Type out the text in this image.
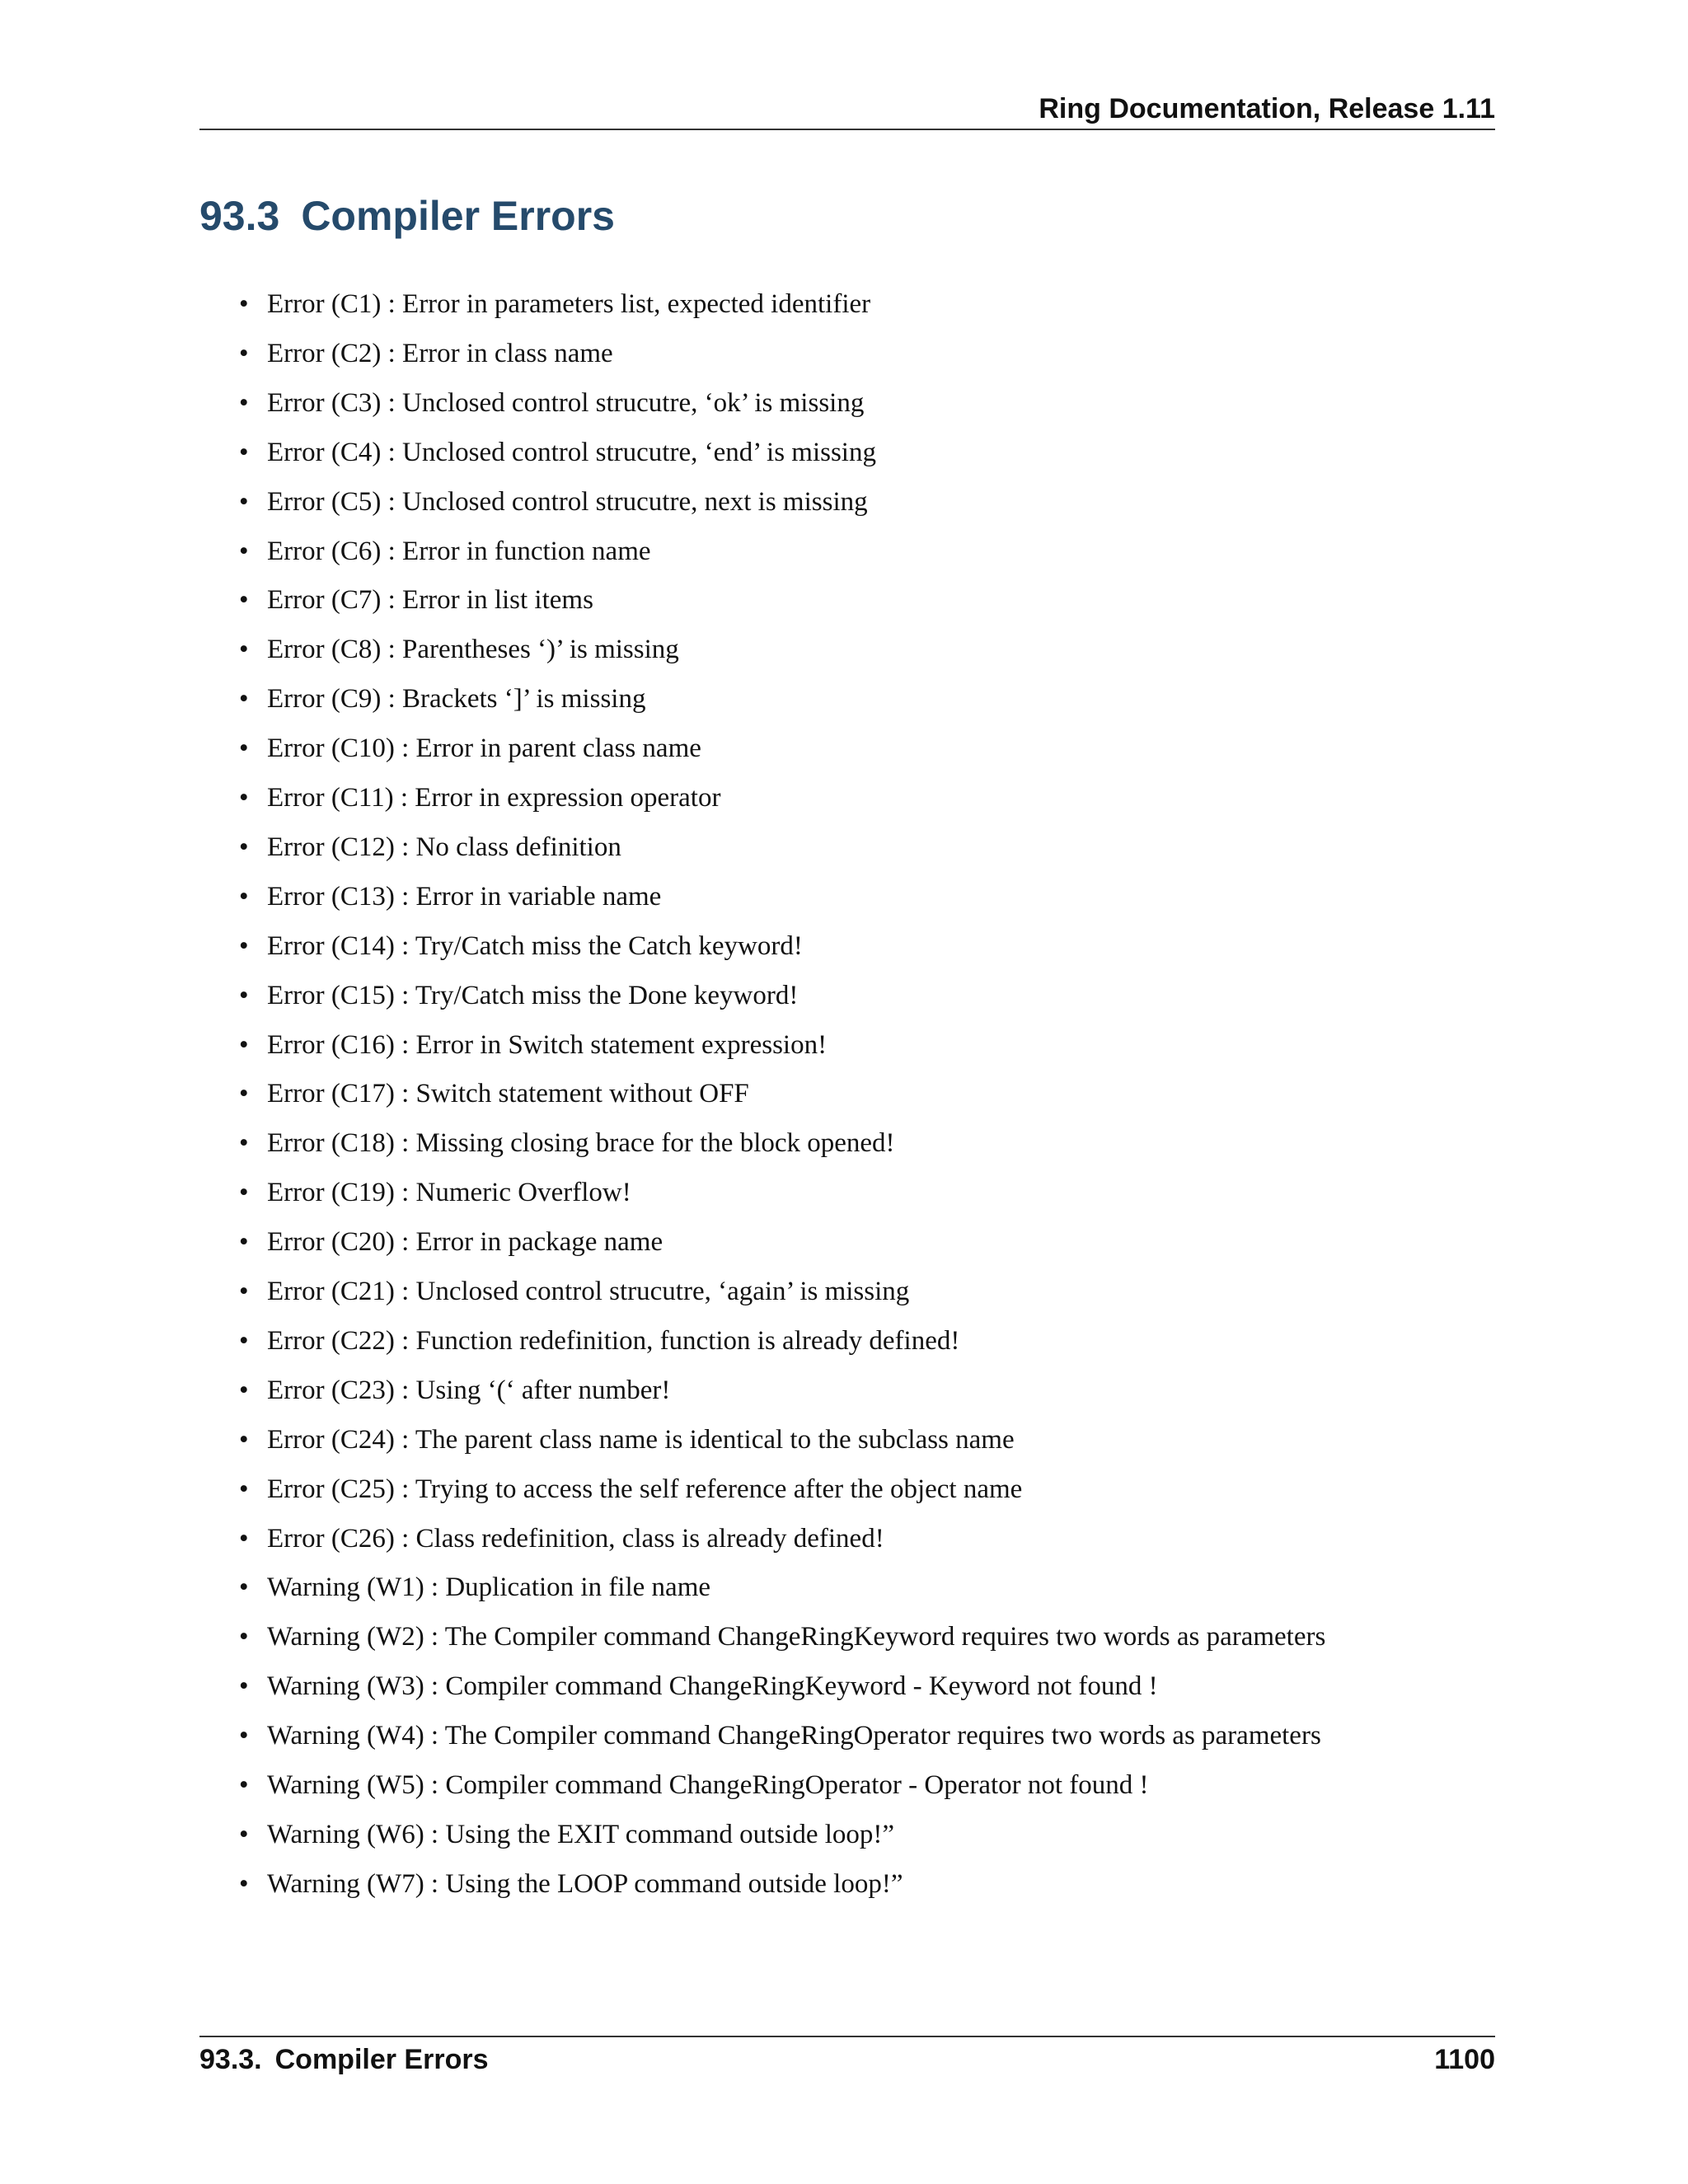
Ring Documentation, Release 1.11
93.3 Compiler Errors
• Error (C1) : Error in parameters list, expected identifier
• Error (C2) : Error in class name
• Error (C3) : Unclosed control strucutre, ‘ok’ is missing
• Error (C4) : Unclosed control strucutre, ‘end’ is missing
• Error (C5) : Unclosed control strucutre, next is missing
• Error (C6) : Error in function name
• Error (C7) : Error in list items
• Error (C8) : Parentheses ‘)’ is missing
• Error (C9) : Brackets ‘]’ is missing
• Error (C10) : Error in parent class name
• Error (C11) : Error in expression operator
• Error (C12) : No class definition
• Error (C13) : Error in variable name
• Error (C14) : Try/Catch miss the Catch keyword!
• Error (C15) : Try/Catch miss the Done keyword!
• Error (C16) : Error in Switch statement expression!
• Error (C17) : Switch statement without OFF
• Error (C18) : Missing closing brace for the block opened!
• Error (C19) : Numeric Overflow!
• Error (C20) : Error in package name
• Error (C21) : Unclosed control strucutre, ‘again’ is missing
• Error (C22) : Function redefinition, function is already defined!
• Error (C23) : Using ‘(‘ after number!
• Error (C24) : The parent class name is identical to the subclass name
• Error (C25) : Trying to access the self reference after the object name
• Error (C26) : Class redefinition, class is already defined!
• Warning (W1) : Duplication in file name
• Warning (W2) : The Compiler command ChangeRingKeyword requires two words as parameters
• Warning (W3) : Compiler command ChangeRingKeyword - Keyword not found !
• Warning (W4) : The Compiler command ChangeRingOperator requires two words as parameters
• Warning (W5) : Compiler command ChangeRingOperator - Operator not found !
• Warning (W6) : Using the EXIT command outside loop!”
• Warning (W7) : Using the LOOP command outside loop!”
93.3. Compiler Errors	1100
